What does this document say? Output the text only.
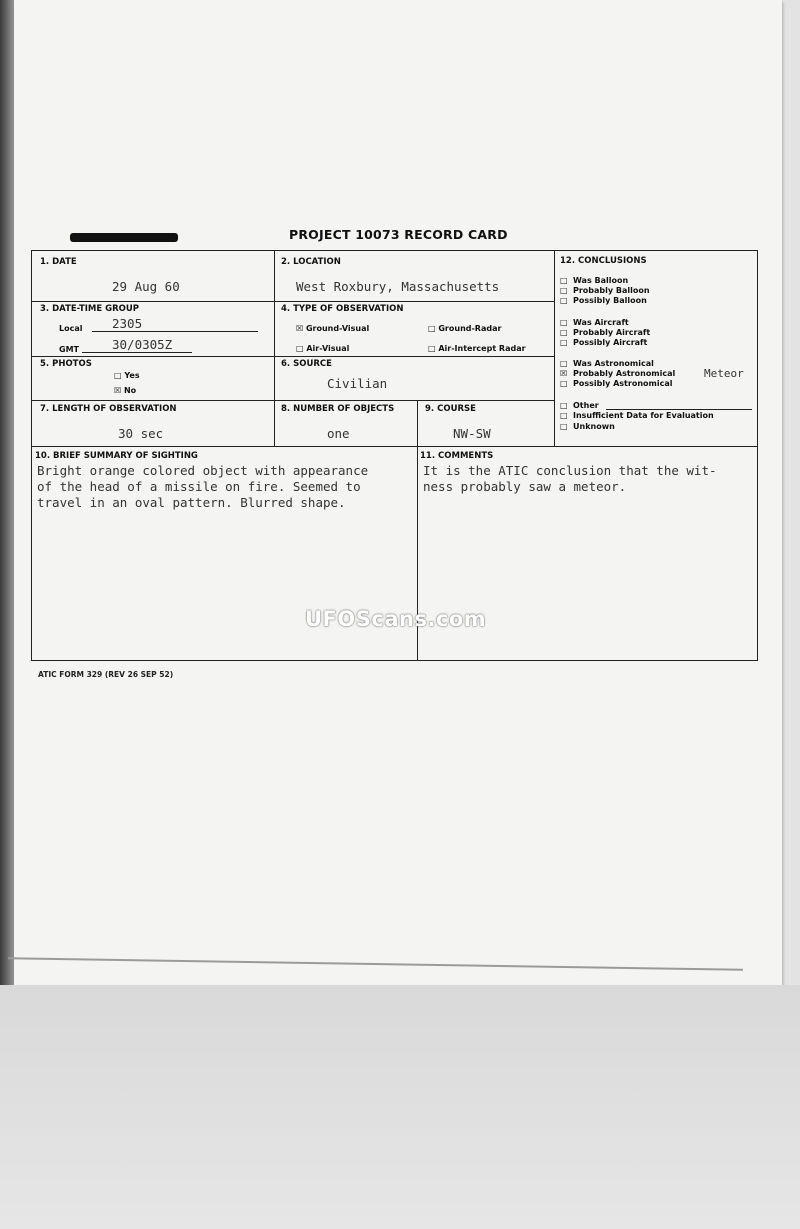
PROJECT 10073 RECORD CARD
1. DATE
29 Aug 60
2. LOCATION
West Roxbury, Massachusetts
3. DATE-TIME GROUP
Local 2305
GMT	30/0305Z
4. TYPE OF OBSERVATION
☒ Ground-Visual	□ Ground-Radar
□ Air-Visual	□ Air-Intercept Radar
5. PHOTOS
□ Yes
☒ No
6. SOURCE
Civilian
7. LENGTH OF OBSERVATION
30 sec
8. NUMBER OF OBJECTS
one
9. COURSE
NW-SW
12. CONCLUSIONS
□ Was Balloon
□ Probably Balloon
□ Possibly Balloon
□ Was Aircraft
□ Probably Aircraft
□ Possibly Aircraft
□ Was Astronomical
☒ Probably Astronomical	Meteor
□ Possibly Astronomical
□ Other
□ Insufficient Data for Evaluation
□ Unknown
10. BRIEF SUMMARY OF SIGHTING
Bright orange colored object with appearance
of the head of a missile on fire. Seemed to
travel in an oval pattern. Blurred shape.
11. COMMENTS
It is the ATIC conclusion that the wit-
ness probably saw a meteor.
UFOScans.com
ATIC FORM 329 (REV 26 SEP 52)
